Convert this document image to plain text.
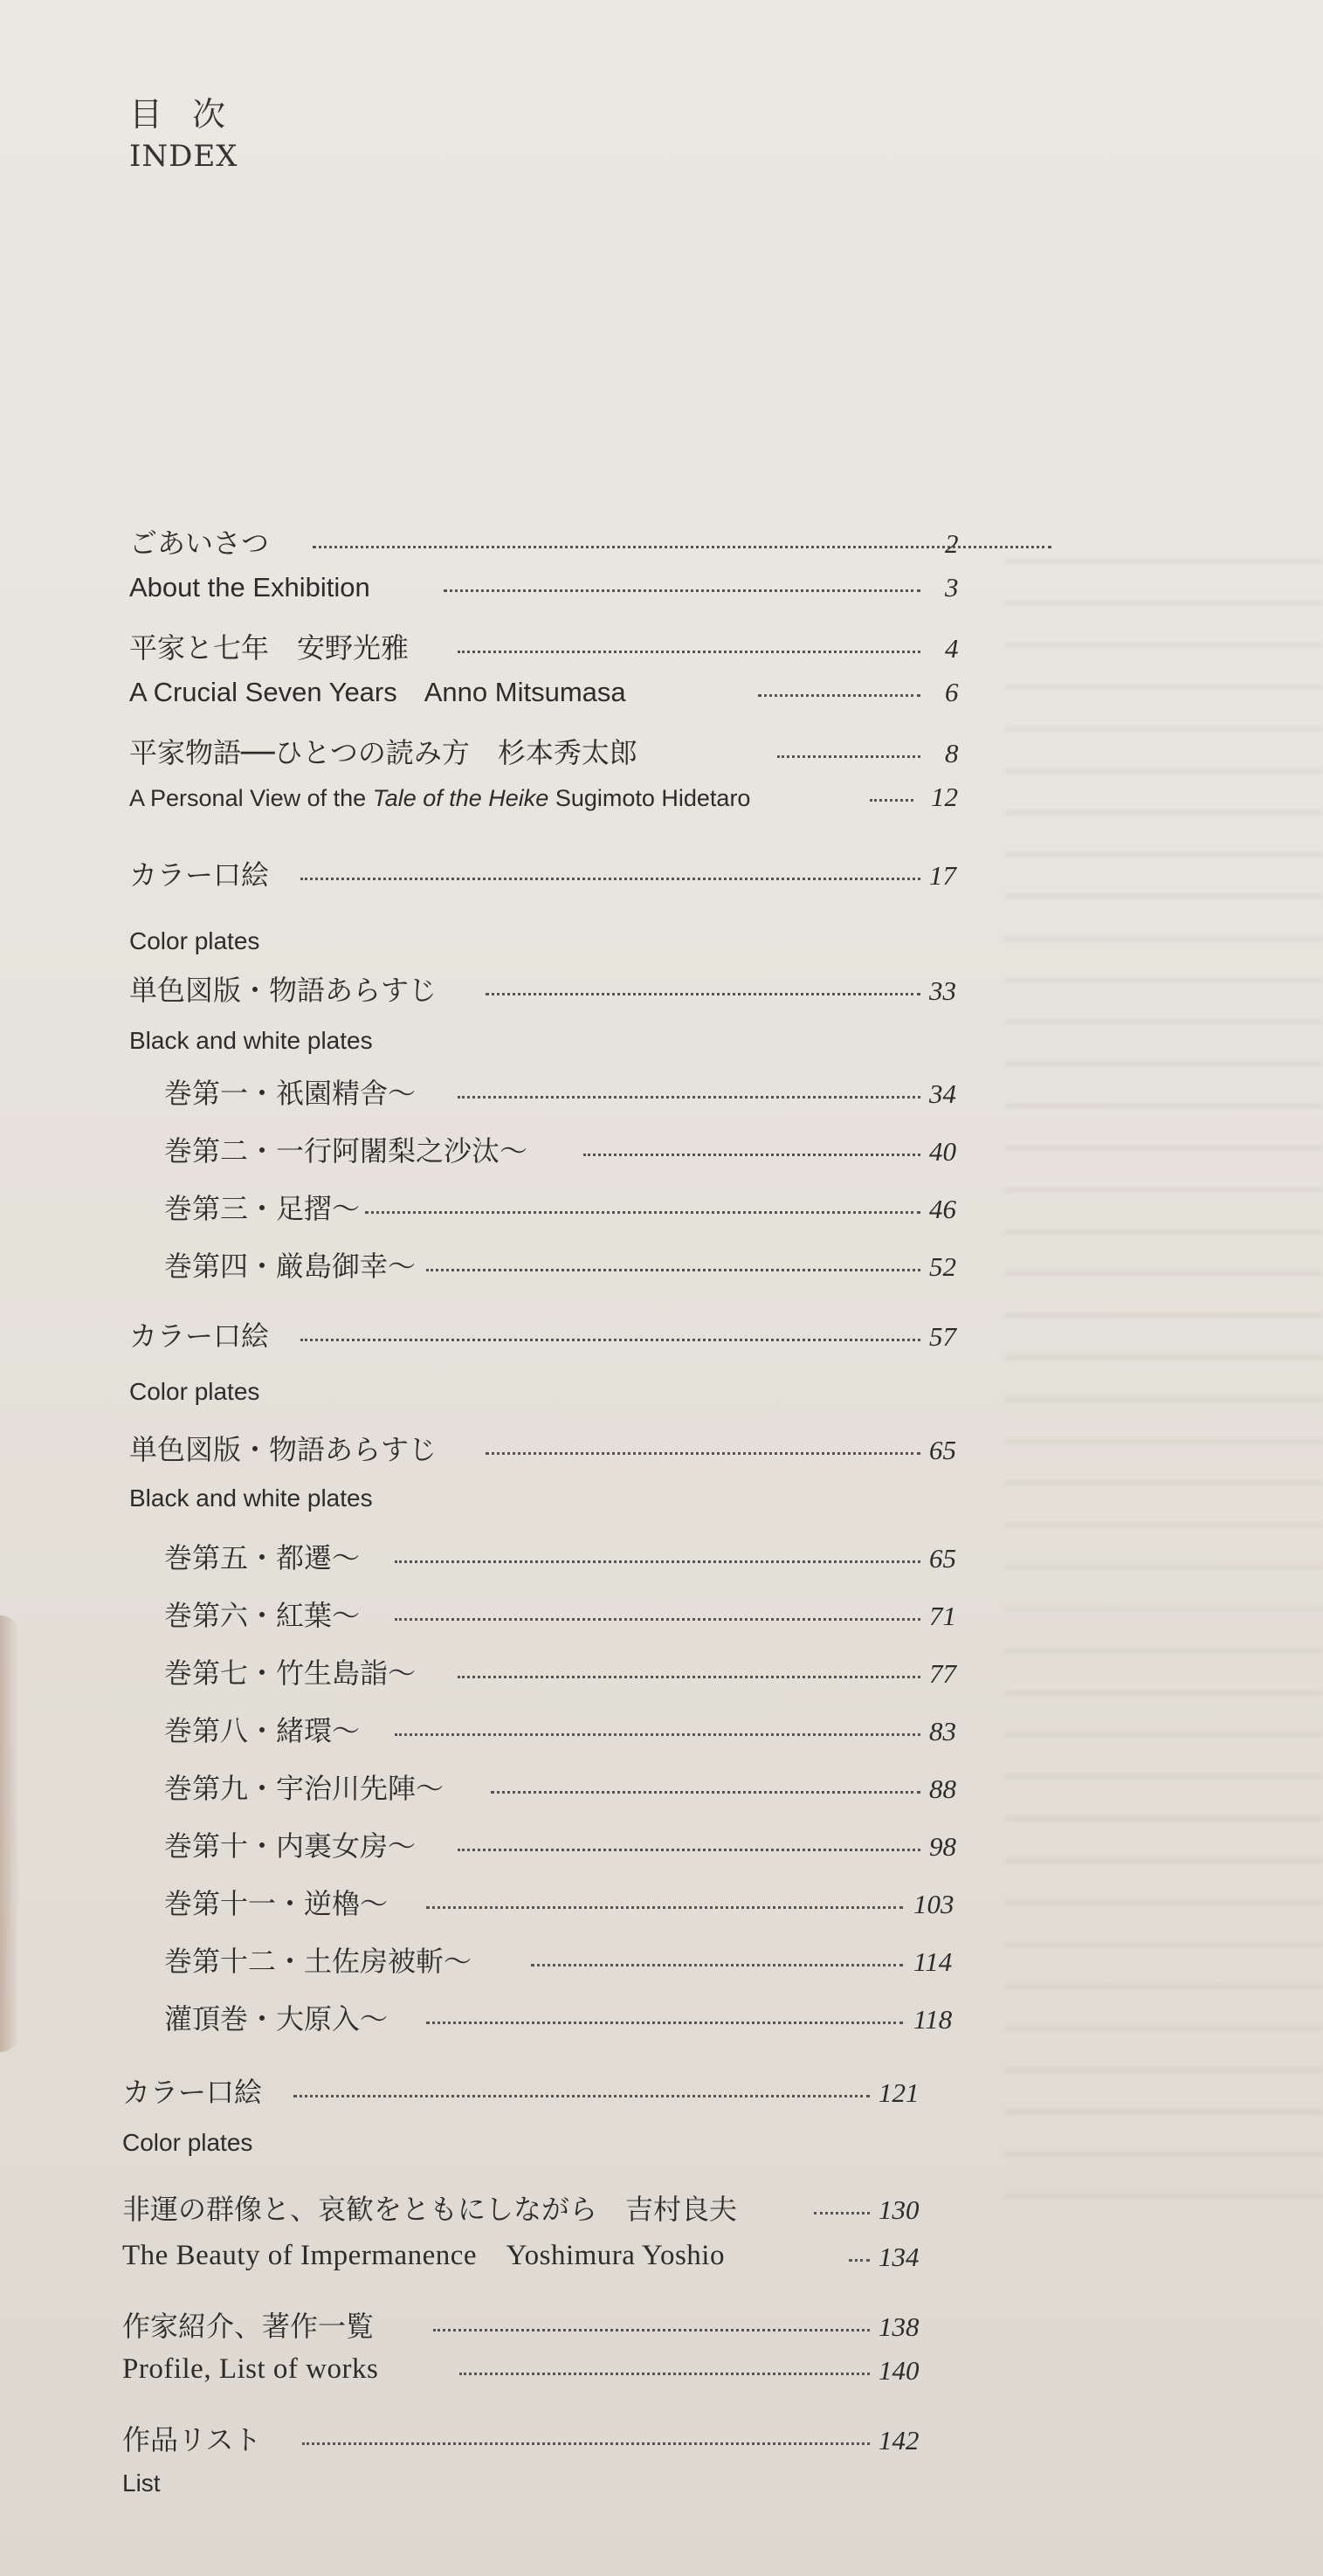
目次
INDEX
ごあいさつ	2
About the Exhibition	3
平家と七年　安野光雅	4
A Crucial Seven Years　Anno Mitsumasa	6
平家物語──ひとつの読み方　杉本秀太郎	8
A Personal View of the Tale of the Heike Sugimoto Hidetaro	12
カラー口絵	17
Color plates
単色図版・物語あらすじ	33
Black and white plates
巻第一・祇園精舎〜	34
巻第二・一行阿闍梨之沙汰〜	40
巻第三・足摺〜	46
巻第四・厳島御幸〜	52
カラー口絵	57
Color plates
単色図版・物語あらすじ	65
Black and white plates
巻第五・都遷〜	65
巻第六・紅葉〜	71
巻第七・竹生島詣〜	77
巻第八・緒環〜	83
巻第九・宇治川先陣〜	88
巻第十・内裏女房〜	98
巻第十一・逆櫓〜	103
巻第十二・土佐房被斬〜	114
灌頂巻・大原入〜	118
カラー口絵	121
Color plates
非運の群像と、哀歓をともにしながら　吉村良夫	130
The Beauty of Impermanence　Yoshimura Yoshio	134
作家紹介、著作一覧	138
Profile, List of works	140
作品リスト	142
List
